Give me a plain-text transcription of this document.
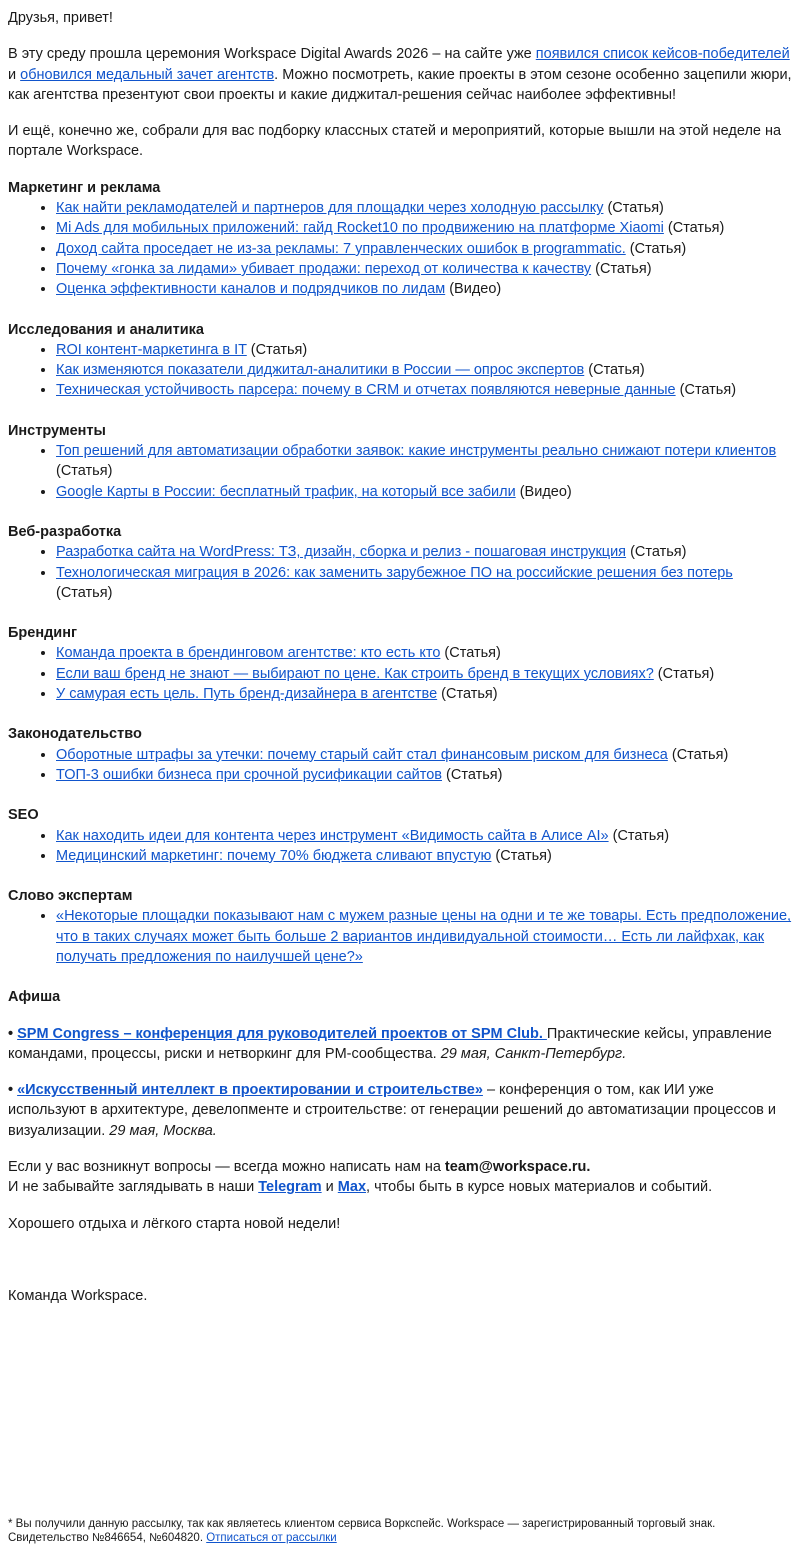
Друзья, привет!

В эту среду прошла церемония Workspace Digital Awards 2026 – на сайте уже появился список кейсов-победителей и обновился медальный зачет агентств. Можно посмотреть, какие проекты в этом сезоне особенно зацепили жюри, как агентства презентуют свои проекты и какие диджитал-решения сейчас наиболее эффективны!

И ещё, конечно же, собрали для вас подборку классных статей и мероприятий, которые вышли на этой неделе на портале Workspace.

Маркетинг и реклама
• Как найти рекламодателей и партнеров для площадки через холодную рассылку (Статья)
• Mi Ads для мобильных приложений: гайд Rocket10 по продвижению на платформе Xiaomi (Статья)
• Доход сайта проседает не из-за рекламы: 7 управленческих ошибок в programmatic. (Статья)
• Почему «гонка за лидами» убивает продажи: переход от количества к качеству (Статья)
• Оценка эффективности каналов и подрядчиков по лидам (Видео)
Исследования и аналитика
• ROI контент-маркетинга в IT (Статья)
• Как изменяются показатели диджитал-аналитики в России — опрос экспертов (Статья)
• Техническая устойчивость парсера: почему в CRM и отчетах появляются неверные данные (Статья)
Инструменты
• Топ решений для автоматизации обработки заявок: какие инструменты реально снижают потери клиентов (Статья)
• Google Карты в России: бесплатный трафик, на который все забили (Видео)
Веб-разработка
• Разработка сайта на WordPress: ТЗ, дизайн, сборка и релиз - пошаговая инструкция (Статья)
• Технологическая миграция в 2026: как заменить зарубежное ПО на российские решения без потерь (Статья)
Брендинг
• Команда проекта в брендинговом агентстве: кто есть кто (Статья)
• Если ваш бренд не знают — выбирают по цене. Как строить бренд в текущих условиях? (Статья)
• У самурая есть цель. Путь бренд-дизайнера в агентстве (Статья)
Законодательство
• Оборотные штрафы за утечки: почему старый сайт стал финансовым риском для бизнеса (Статья)
• ТОП-3 ошибки бизнеса при срочной русификации сайтов (Статья)
SEO
• Как находить идеи для контента через инструмент «Видимость сайта в Алисе AI» (Статья)
• Медицинский маркетинг: почему 70% бюджета сливают впустую (Статья)
Слово экспертам
• «Некоторые площадки показывают нам с мужем разные цены на одни и те же товары. Есть предположение, что в таких случаях может быть больше 2 вариантов индивидуальной стоимости… Есть ли лайфхак, как получать предложения по наилучшей цене?»
Афиша

• SPM Congress – конференция для руководителей проектов от SPM Club. Практические кейсы, управление командами, процессы, риски и нетворкинг для PM-сообщества. 29 мая, Санкт-Петербург.

• «Искусственный интеллект в проектировании и строительстве» – конференция о том, как ИИ уже используют в архитектуре, девелопменте и строительстве: от генерации решений до автоматизации процессов и визуализации. 29 мая, Москва.

Если у вас возникнут вопросы — всегда можно написать нам на team@workspace.ru.
И не забывайте заглядывать в наши Telegram и Max, чтобы быть в курсе новых материалов и событий.

Хорошего отдыха и лёгкого старта новой недели!

Команда Workspace.

* Вы получили данную рассылку, так как являетесь клиентом сервиса Воркспейс. Workspace — зарегистрированный торговый знак. Свидетельство №846654, №604820. Отписаться от рассылки
